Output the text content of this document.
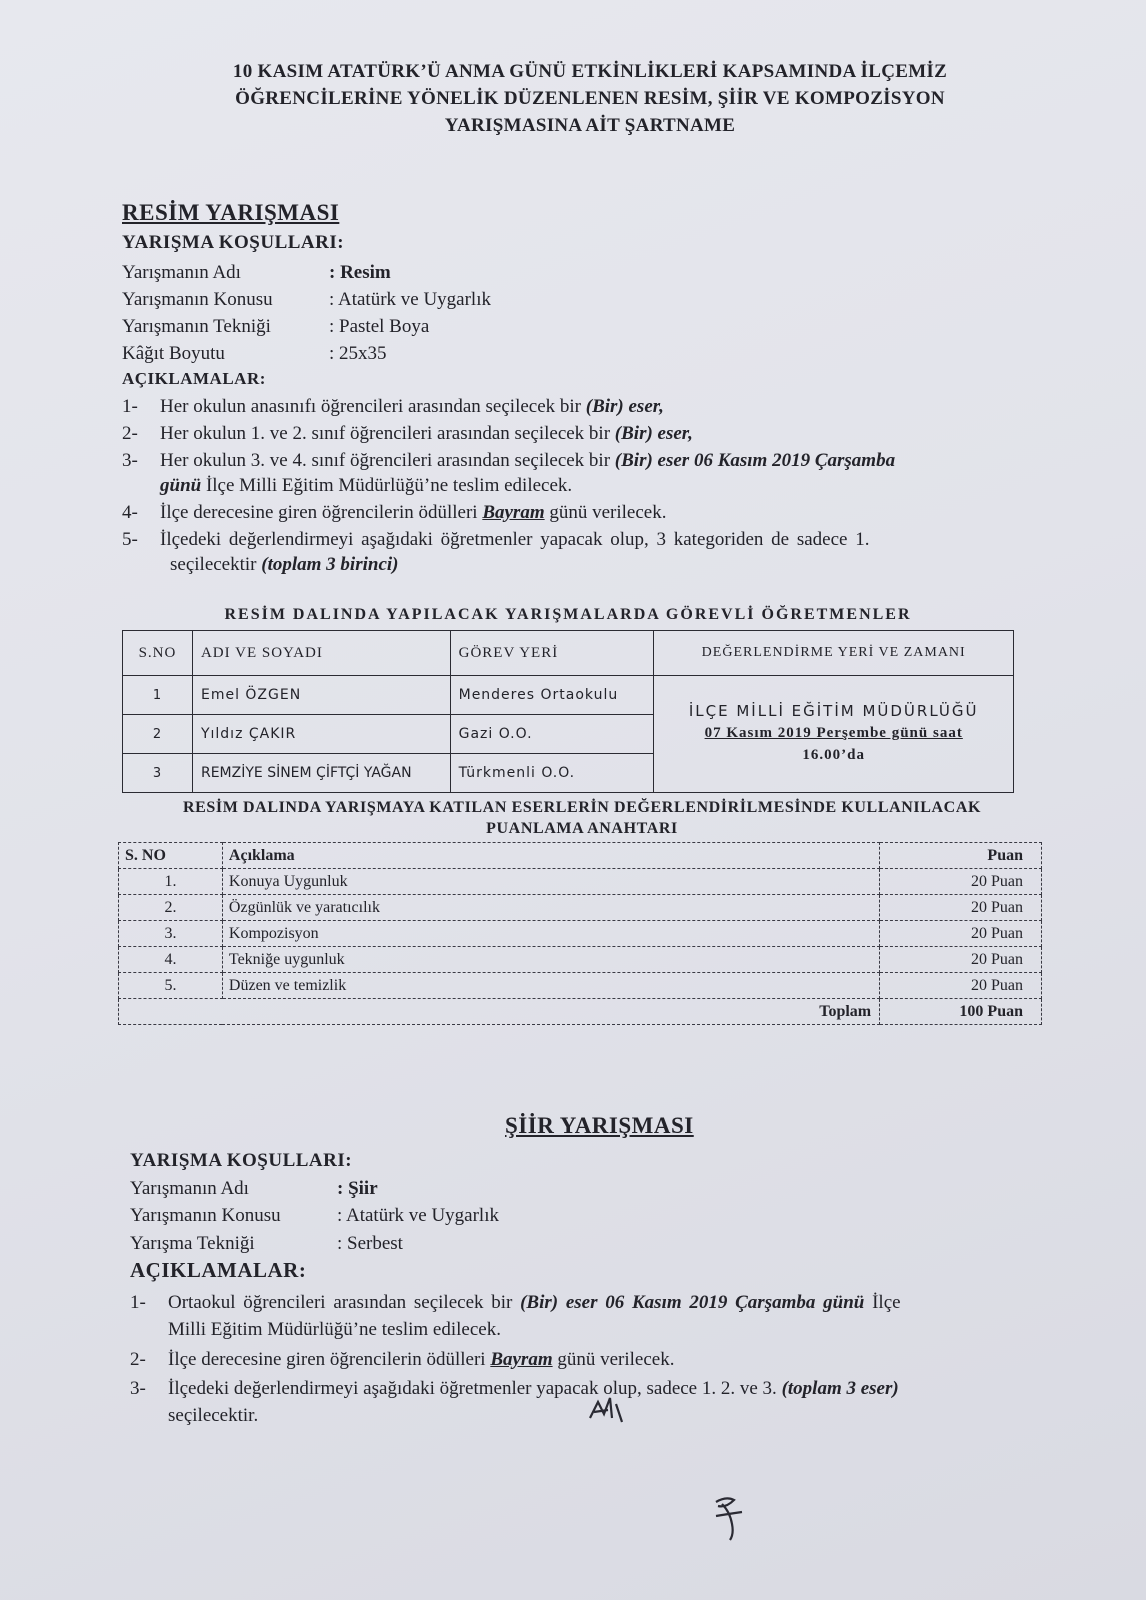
10 KASIM ATATÜRK’Ü ANMA GÜNÜ ETKİNLİKLERİ KAPSAMINDA İLÇEMİZ
ÖĞRENCİLERİNE YÖNELİK DÜZENLENEN RESİM, ŞİİR VE KOMPOZİSYON
YARIŞMASINA AİT ŞARTNAME
RESİM YARIŞMASI
YARIŞMA KOŞULLARI:
Yarışmanın Adı	: Resim
Yarışmanın Konusu	: Atatürk ve Uygarlık
Yarışmanın Tekniği	: Pastel Boya
Kâğıt Boyutu	: 25x35
AÇIKLAMALAR:
1- Her okulun anasınıfı öğrencileri arasından seçilecek bir (Bir) eser,
2- Her okulun 1. ve 2. sınıf öğrencileri arasından seçilecek bir (Bir) eser,
3- Her okulun 3. ve 4. sınıf öğrencileri arasından seçilecek bir (Bir) eser 06 Kasım 2019 Çarşamba
günü İlçe Milli Eğitim Müdürlüğü’ne teslim edilecek.
4- İlçe derecesine giren öğrencilerin ödülleri Bayram günü verilecek.
5- İlçedeki değerlendirmeyi aşağıdaki öğretmenler yapacak olup, 3 kategoriden de sadece 1.
seçilecektir (toplam 3 birinci)
RESİM DALINDA YAPILACAK YARIŞMALARDA GÖREVLİ ÖĞRETMENLER
S.NO	ADI VE SOYADI	GÖREV YERİ	DEĞERLENDİRME YERİ VE ZAMANI
1	Emel ÖZGEN	Menderes Ortaokulu	İLÇE MİLLİ EĞİTİM MÜDÜRLÜĞÜ
07 Kasım 2019 Perşembe günü saat
16.00’da

2	Yıldız ÇAKIR	Gazi O.O.	
3	REMZİYE SİNEM ÇİFTÇİ YAĞAN	Türkmenli O.O.	
RESİM DALINDA YARIŞMAYA KATILAN ESERLERİN DEĞERLENDİRİLMESİNDE KULLANILACAK
PUANLAMA ANAHTARI
S. NO	Açıklama	Puan
1.	Konuya Uygunluk	20 Puan
2.	Özgünlük ve yaratıcılık	20 Puan
3.	Kompozisyon	20 Puan
4.	Tekniğe uygunluk	20 Puan
5.	Düzen ve temizlik	20 Puan
Toplam		100 Puan
ŞİİR YARIŞMASI
YARIŞMA KOŞULLARI:
Yarışmanın Adı	: Şiir
Yarışmanın Konusu	: Atatürk ve Uygarlık
Yarışma Tekniği	: Serbest
AÇIKLAMALAR:
1- Ortaokul öğrencileri arasından seçilecek bir (Bir) eser 06 Kasım 2019 Çarşamba günü İlçe
Milli Eğitim Müdürlüğü’ne teslim edilecek.
2- İlçe derecesine giren öğrencilerin ödülleri Bayram günü verilecek.
3- İlçedeki değerlendirmeyi aşağıdaki öğretmenler yapacak olup, sadece 1. 2. ve 3. (toplam 3 eser)
seçilecektir.
